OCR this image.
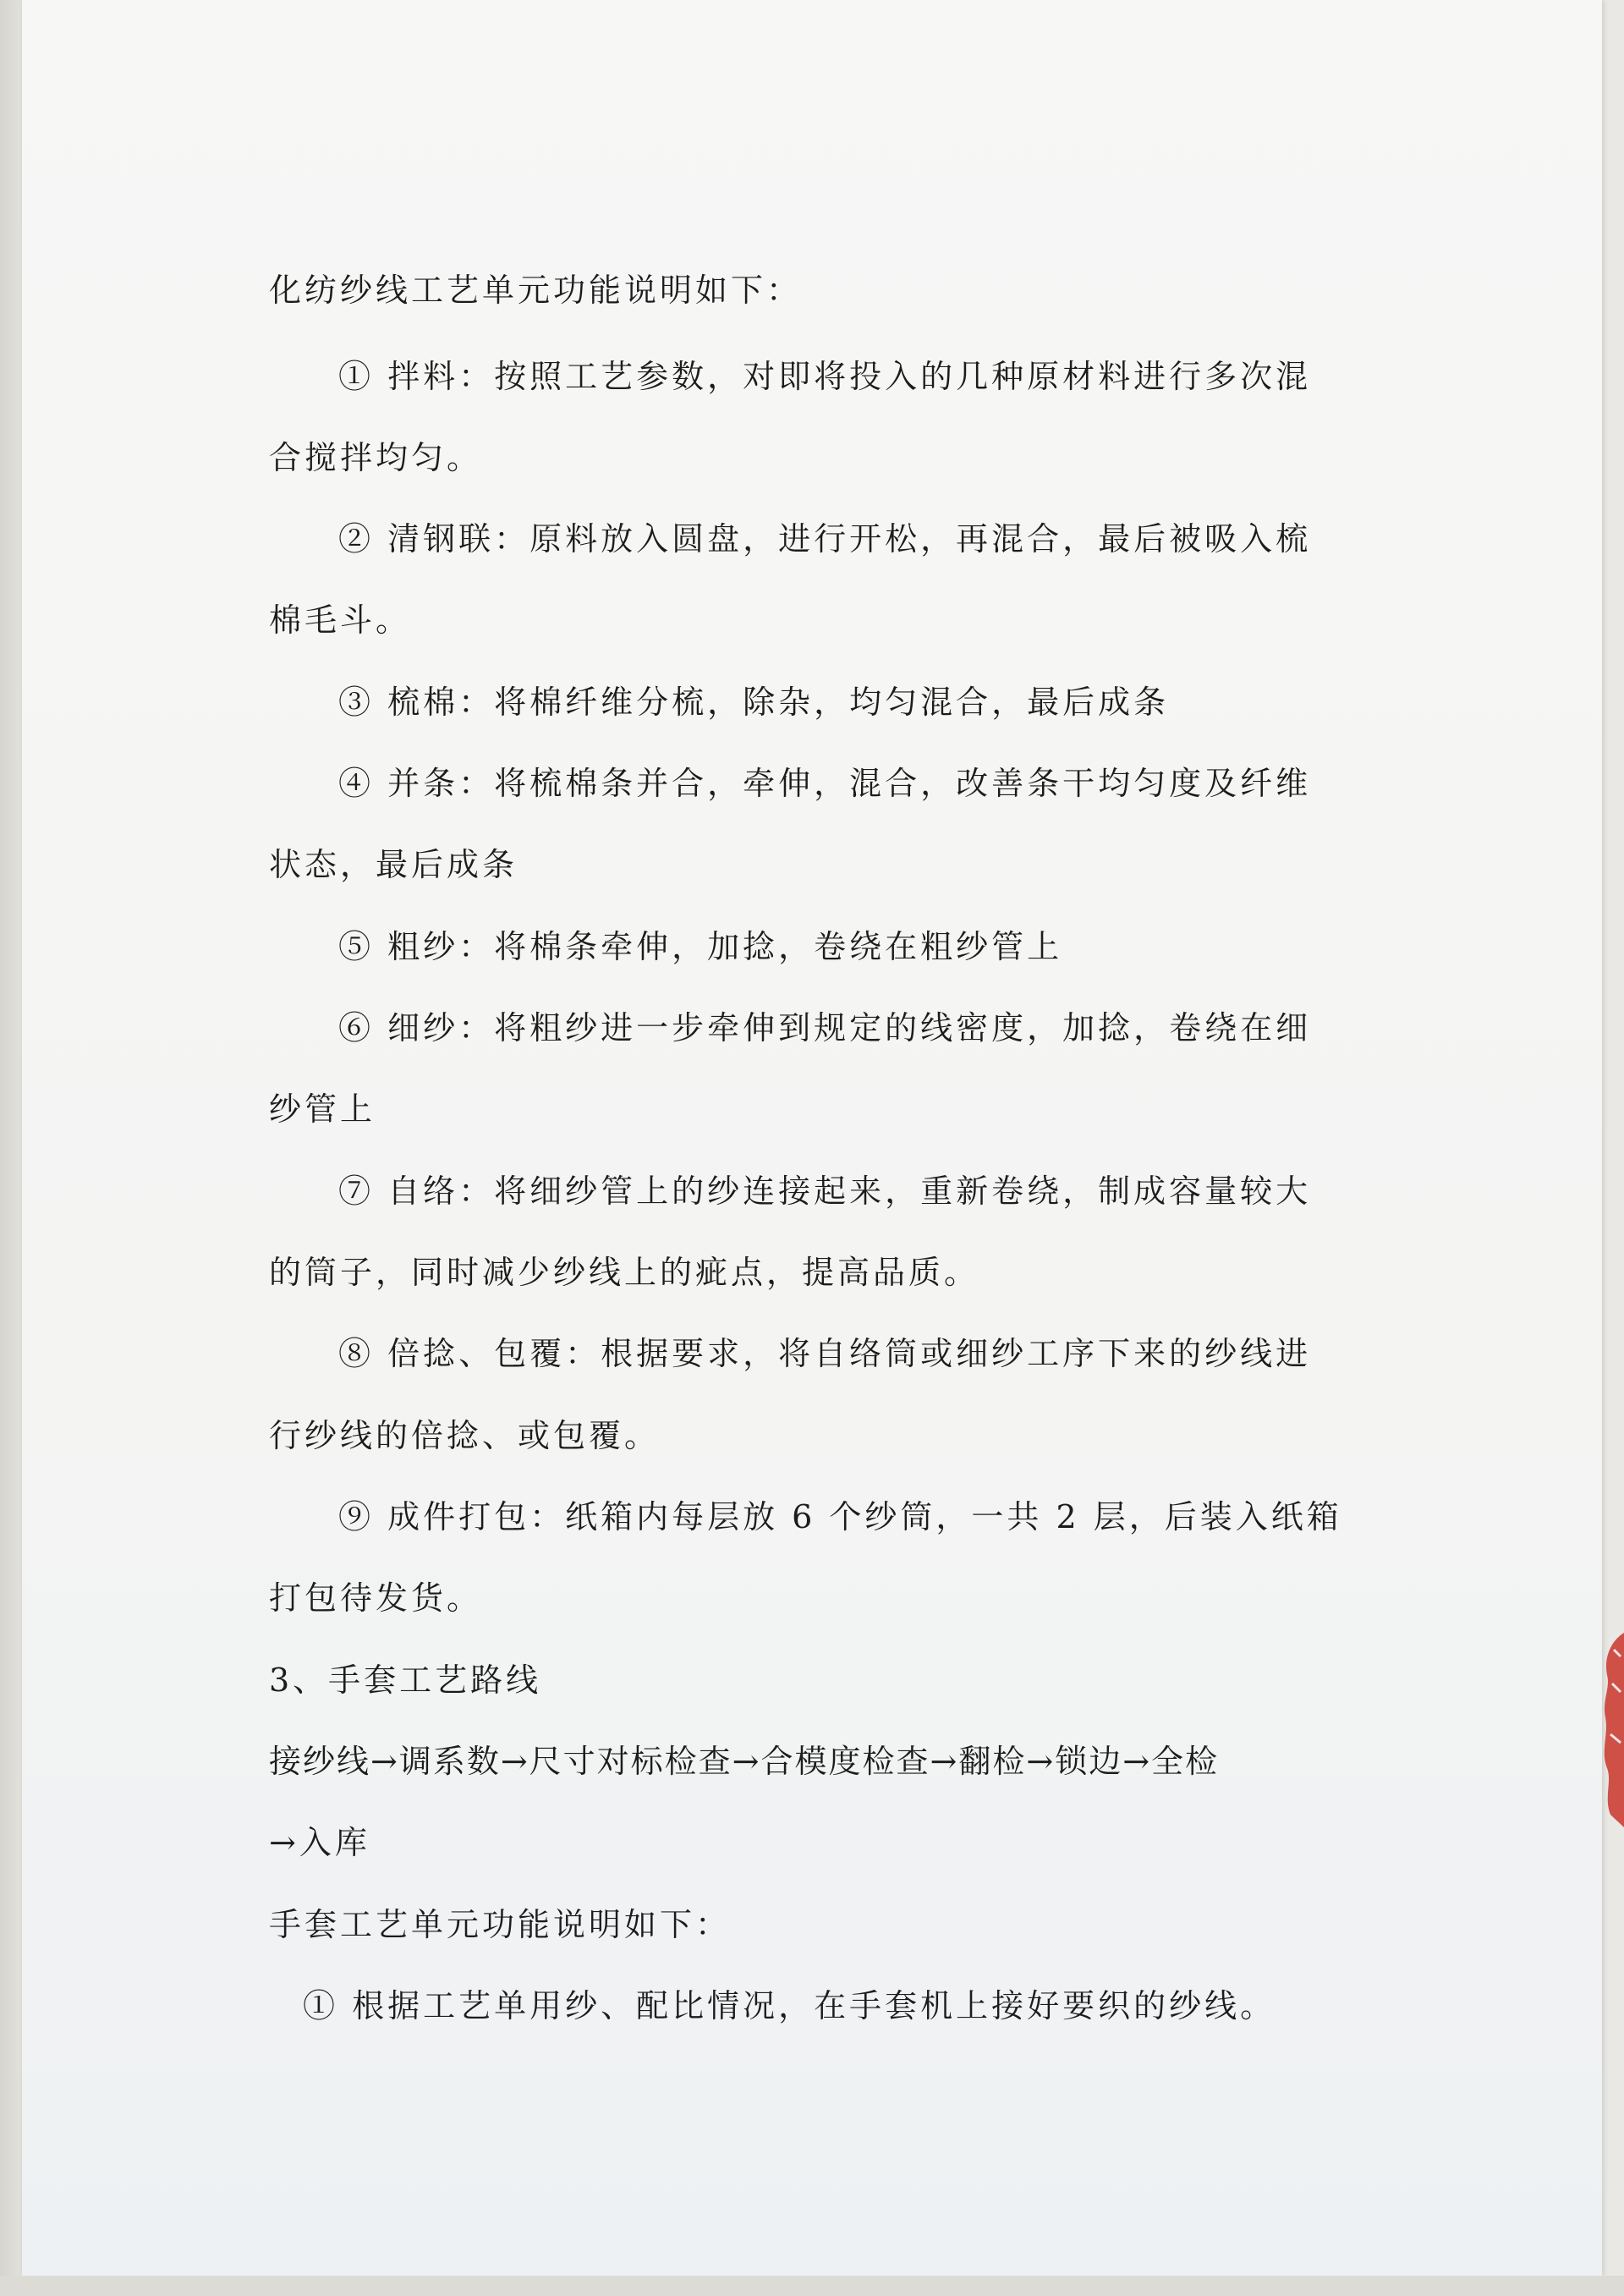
化纺纱线工艺单元功能说明如下：

① 拌料：按照工艺参数，对即将投入的几种原材料进行多次混

合搅拌均匀。

② 清钢联：原料放入圆盘，进行开松，再混合，最后被吸入梳

棉毛斗。

③ 梳棉：将棉纤维分梳，除杂，均匀混合，最后成条

④ 并条：将梳棉条并合，牵伸，混合，改善条干均匀度及纤维

状态，最后成条

⑤ 粗纱：将棉条牵伸，加捻，卷绕在粗纱管上

⑥ 细纱：将粗纱进一步牵伸到规定的线密度，加捻，卷绕在细

纱管上

⑦ 自络：将细纱管上的纱连接起来，重新卷绕，制成容量较大

的筒子，同时减少纱线上的疵点，提高品质。

⑧ 倍捻、包覆：根据要求，将自络筒或细纱工序下来的纱线进

行纱线的倍捻、或包覆。

⑨ 成件打包：纸箱内每层放 6 个纱筒，一共 2 层，后装入纸箱

打包待发货。

3、手套工艺路线

接纱线→调系数→尺寸对标检查→合模度检查→翻检→锁边→全检

→入库

手套工艺单元功能说明如下：

① 根据工艺单用纱、配比情况，在手套机上接好要织的纱线。
